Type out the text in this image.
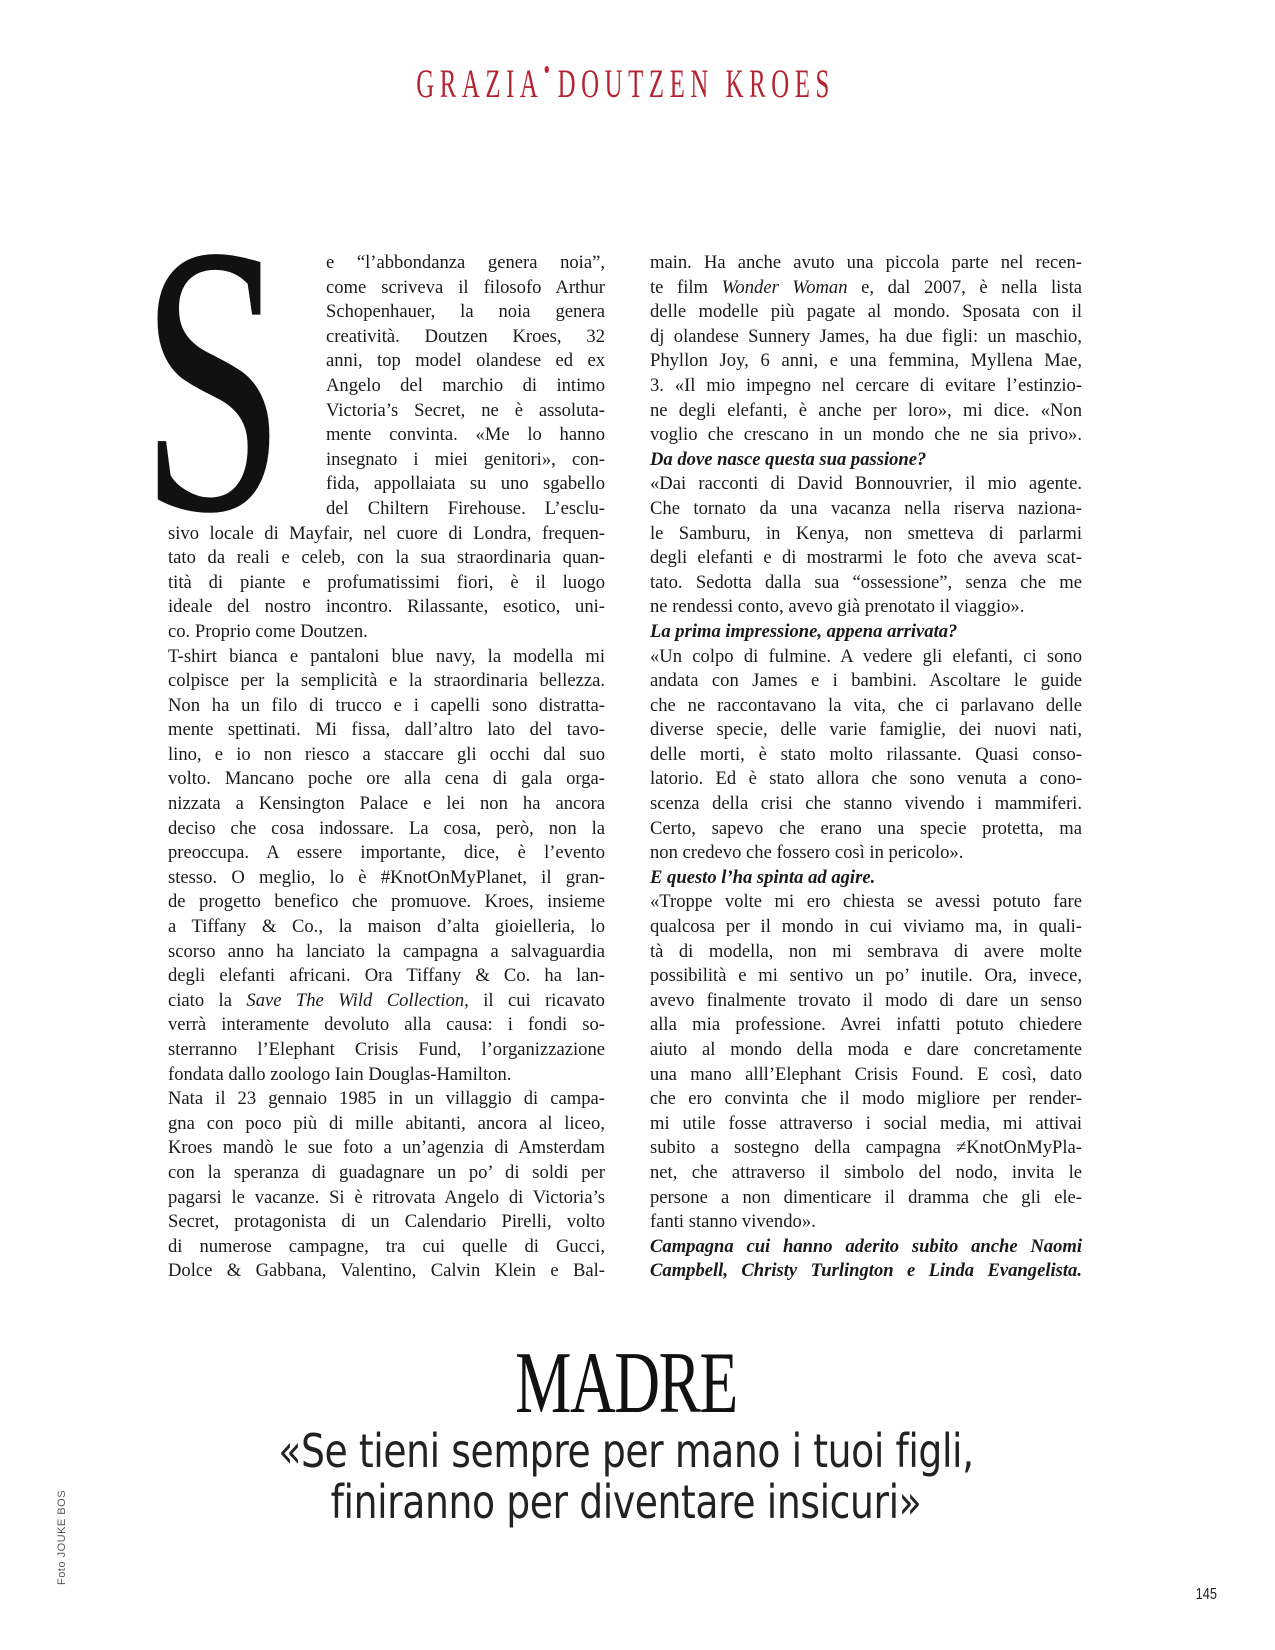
GRAZIA DOUTZEN KROES
S	e “l’abbondanza genera noia”,
come scriveva il filosofo Arthur
Schopenhauer, la noia genera
creatività. Doutzen Kroes, 32
anni, top model olandese ed ex
Angelo del marchio di intimo
Victoria’s Secret, ne è assoluta-
mente convinta. «Me lo hanno
insegnato i miei genitori», con-
fida, appollaiata su uno sgabello
del Chiltern Firehouse. L’esclu-
sivo locale di Mayfair, nel cuore di Londra, frequen-
tato da reali e celeb, con la sua straordinaria quan-
tità di piante e profumatissimi fiori, è il luogo
ideale del nostro incontro. Rilassante, esotico, uni-
co. Proprio come Doutzen.
T-shirt bianca e pantaloni blue navy, la modella mi
colpisce per la semplicità e la straordinaria bellezza.
Non ha un filo di trucco e i capelli sono distratta-
mente spettinati. Mi fissa, dall’altro lato del tavo-
lino, e io non riesco a staccare gli occhi dal suo
volto. Mancano poche ore alla cena di gala orga-
nizzata a Kensington Palace e lei non ha ancora
deciso che cosa indossare. La cosa, però, non la
preoccupa. A essere importante, dice, è l’evento
stesso. O meglio, lo è #KnotOnMyPlanet, il gran-
de progetto benefico che promuove. Kroes, insieme
a Tiffany & Co., la maison d’alta gioielleria, lo
scorso anno ha lanciato la campagna a salvaguardia
degli elefanti africani. Ora Tiffany & Co. ha lan-
ciato la Save The Wild Collection, il cui ricavato
verrà interamente devoluto alla causa: i fondi so-
sterranno l’Elephant Crisis Fund, l’organizzazione
fondata dallo zoologo Iain Douglas-Hamilton.
Nata il 23 gennaio 1985 in un villaggio di campa-
gna con poco più di mille abitanti, ancora al liceo,
Kroes mandò le sue foto a un’agenzia di Amsterdam
con la speranza di guadagnare un po’ di soldi per
pagarsi le vacanze. Si è ritrovata Angelo di Victoria’s
Secret, protagonista di un Calendario Pirelli, volto
di numerose campagne, tra cui quelle di Gucci,
Dolce & Gabbana, Valentino, Calvin Klein e Bal-
main. Ha anche avuto una piccola parte nel recen-
te film Wonder Woman e, dal 2007, è nella lista
delle modelle più pagate al mondo. Sposata con il
dj olandese Sunnery James, ha due figli: un maschio,
Phyllon Joy, 6 anni, e una femmina, Myllena Mae,
3. «Il mio impegno nel cercare di evitare l’estinzio-
ne degli elefanti, è anche per loro», mi dice. «Non
voglio che crescano in un mondo che ne sia privo».
Da dove nasce questa sua passione?
«Dai racconti di David Bonnouvrier, il mio agente.
Che tornato da una vacanza nella riserva naziona-
le Samburu, in Kenya, non smetteva di parlarmi
degli elefanti e di mostrarmi le foto che aveva scat-
tato. Sedotta dalla sua “ossessione”, senza che me
ne rendessi conto, avevo già prenotato il viaggio».
La prima impressione, appena arrivata?
«Un colpo di fulmine. A vedere gli elefanti, ci sono
andata con James e i bambini. Ascoltare le guide
che ne raccontavano la vita, che ci parlavano delle
diverse specie, delle varie famiglie, dei nuovi nati,
delle morti, è stato molto rilassante. Quasi conso-
latorio. Ed è stato allora che sono venuta a cono-
scenza della crisi che stanno vivendo i mammiferi.
Certo, sapevo che erano una specie protetta, ma
non credevo che fossero così in pericolo».
E questo l’ha spinta ad agire.
«Troppe volte mi ero chiesta se avessi potuto fare
qualcosa per il mondo in cui viviamo ma, in quali-
tà di modella, non mi sembrava di avere molte
possibilità e mi sentivo un po’ inutile. Ora, invece,
avevo finalmente trovato il modo di dare un senso
alla mia professione. Avrei infatti potuto chiedere
aiuto al mondo della moda e dare concretamente
una mano alll’Elephant Crisis Found. E così, dato
che ero convinta che il modo migliore per render-
mi utile fosse attraverso i social media, mi attivai
subito a sostegno della campagna ≠KnotOnMyPla-
net, che attraverso il simbolo del nodo, invita le
persone a non dimenticare il dramma che gli ele-
fanti stanno vivendo».
Campagna cui hanno aderito subito anche Naomi
Campbell, Christy Turlington e Linda Evangelista.
MADRE
«Se tieni sempre per mano i tuoi figli,
finiranno per diventare insicuri»
Foto JOUKE BOS
145
